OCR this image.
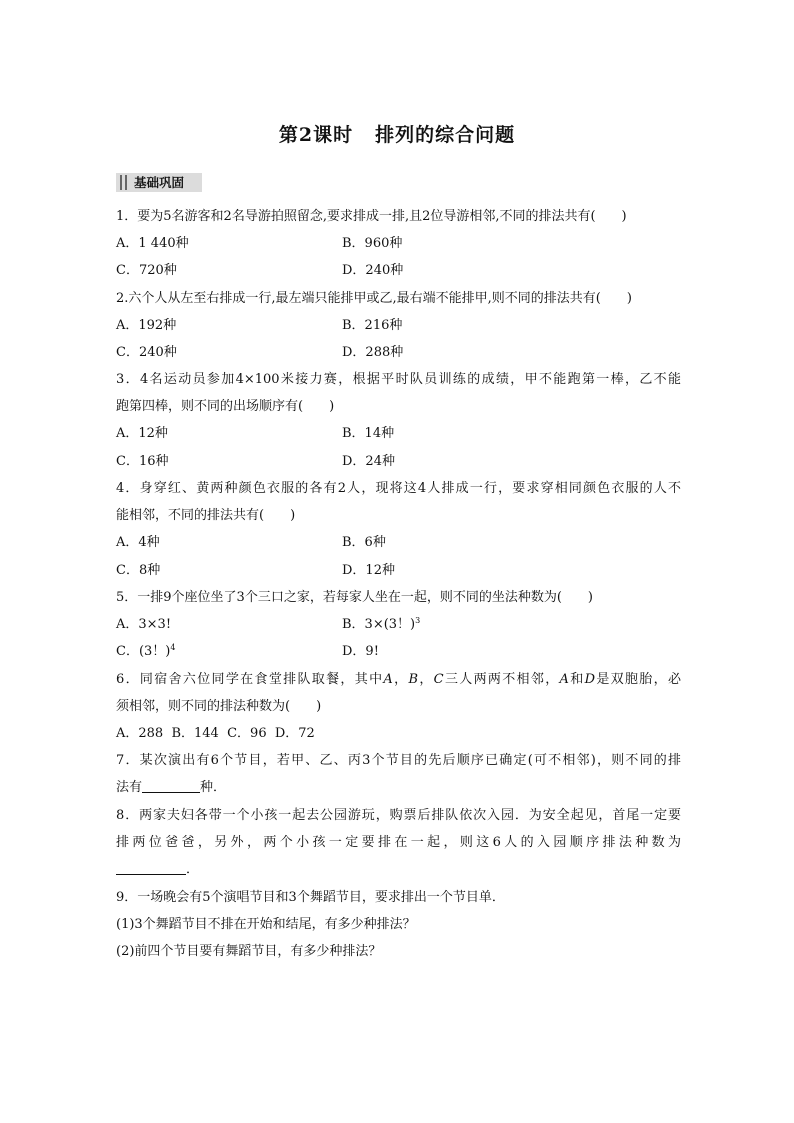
第2课时 排列的综合问题
基础巩固
1．要为5名游客和2名导游拍照留念,要求排成一排,且2位导游相邻,不同的排法共有(　　)
A．1 440种	B．960种
C．720种	D．240种
2.六个人从左至右排成一行,最左端只能排甲或乙,最右端不能排甲,则不同的排法共有(　　)
A．192种	B．216种
C．240种	D．288种
3．4名运动员参加4×100米接力赛，根据平时队员训练的成绩，甲不能跑第一棒，乙不能
跑第四棒，则不同的出场顺序有(　　)
A．12种	B．14种
C．16种	D．24种
4．身穿红、黄两种颜色衣服的各有2人，现将这4人排成一行，要求穿相同颜色衣服的人不
能相邻，不同的排法共有(　　)
A．4种	B．6种
C．8种	D．12种
5．一排9个座位坐了3个三口之家，若每家人坐在一起，则不同的坐法种数为(　　)
A．3×3!	B．3×(3！)$^3$
C．(3！)$^4$	D．9!
6．同宿舍六位同学在食堂排队取餐，其中A，B，C三人两两不相邻，A和D是双胞胎，必
须相邻，则不同的排法种数为(　　)
A．288  B．144  C．96  D．72
7．某次演出有6个节目，若甲、乙、丙3个节目的先后顺序已确定(可不相邻)，则不同的排
法有	种．
8．两家夫妇各带一个小孩一起去公园游玩，购票后排队依次入园．为安全起见，首尾一定要
排两位爸爸，另外，两个小孩一定要排在一起，则这6人的入园顺序排法种数为
．
9．一场晚会有5个演唱节目和3个舞蹈节目，要求排出一个节目单．
(1)3个舞蹈节目不排在开始和结尾，有多少种排法？
(2)前四个节目要有舞蹈节目，有多少种排法？
